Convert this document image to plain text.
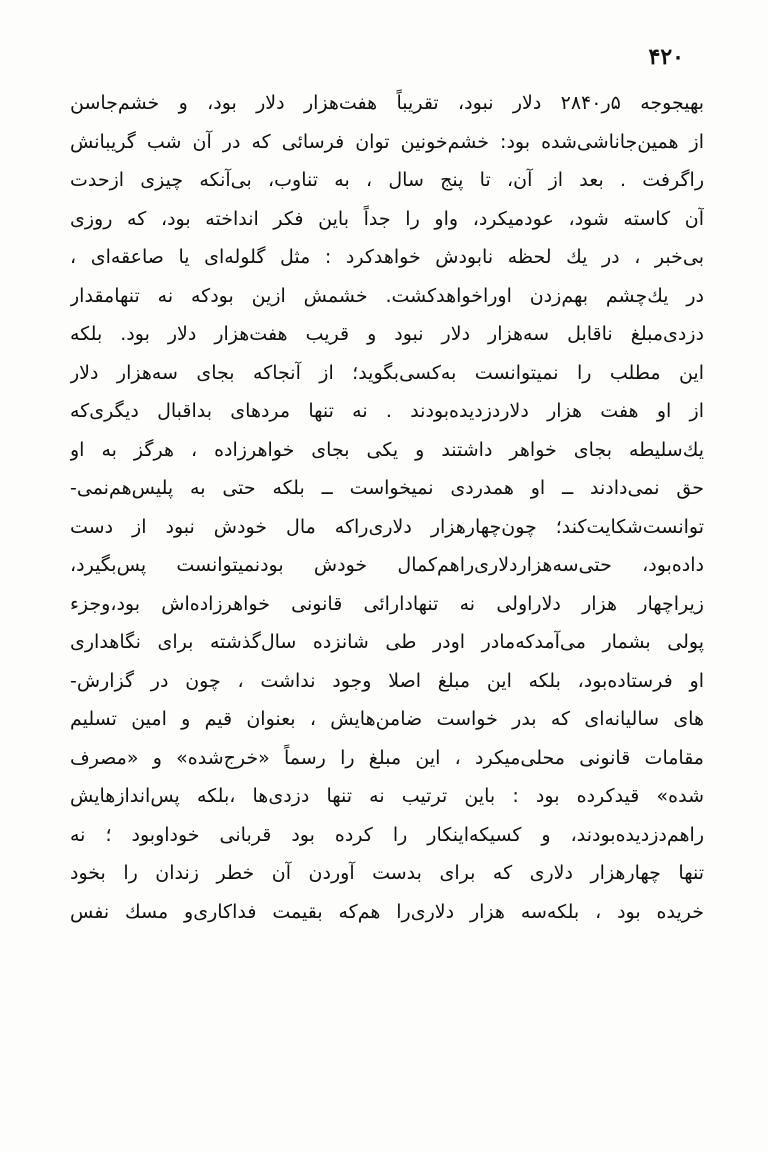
۴۲۰
بهیجوجه ۵ر۲۸۴۰ دلار نبود، تقریباً هفت‌هزار دلار بود، و خشم‌جاسن
از همین‌جاناشی‌شده بود: خشم‌خونین توان فرسائی که در آن شب گریبانش
راگرفت . بعد از آن، تا پنج سال ، به تناوب، بی‌آنکه چیزی ازحدت
آن کاسته شود، عود‌میکرد، واو را جداً باین فکر انداخته بود، که روزی
بی‌خبر ، در یك لحظه نابودش خواهدکرد : مثل گلوله‌ای یا صاعقه‌ای ،
در یك‌چشم بهم‌زدن اوراخواهدکشت. خشمش ازین بودکه نه تنهامقدار
دزدی‌مبلغ ناقابل سه‌هزار دلار نبود و قریب هفت‌هزار دلار بود. بلکه
این مطلب را نمیتوانست به‌کسی‌بگوید؛ از آنجاکه بجای سه‌هزار دلار
از او هفت هزار دلاردزدیده‌بودند . نه تنها مردهای بداقبال دیگری‌که
یك‌سلیطه بجای خواهر داشتند و یکی بجای خواهرزاده ، هرگز به او
حق نمی‌دادند ــ او همدردی نمیخواست ــ بلکه حتی به پلیس‌هم‌نمی‌-
توانست‌شکایت‌کند؛ چون‌چهارهزار دلاری‌راکه مال خودش نبود از دست
داده‌بود، حتی‌سه‌هزاردلاری‌راهم‌کمال خودش بودنمیتوانست پس‌بگیرد،
زیراچهار هزار دلاراولی نه تنهادارائی قانونی خواهرزاده‌اش بود،وجزء
پولی بشمار می‌آمدکه‌مادر اودر طی شانزده سال‌گذشته برای نگاهداری
او فرستاده‌بود، بلکه این مبلغ اصلا وجود نداشت ، چون در گزارش-
های سالیانه‌ای که بدر خواست ضامن‌هایش ، بعنوان قیم و امین تسلیم
مقامات قانونی محلی‌میکرد ، این مبلغ را رسماً «خرج‌شده» و «مصرف
شده» قیدکرده بود : باین ترتیب نه تنها دزدی‌ها ،بلکه پس‌اندازهایش
راهم‌دزدیده‌بودند، و کسیکه‌اینکار را کرده بود قربانی خوداوبود ؛ نه
تنها چهارهزار دلاری که برای بدست آوردن آن خطر زندان را بخود
خریده بود ، بلکه‌سه هزار دلاری‌را هم‌که بقیمت فداکاری‌و مسك نفس
